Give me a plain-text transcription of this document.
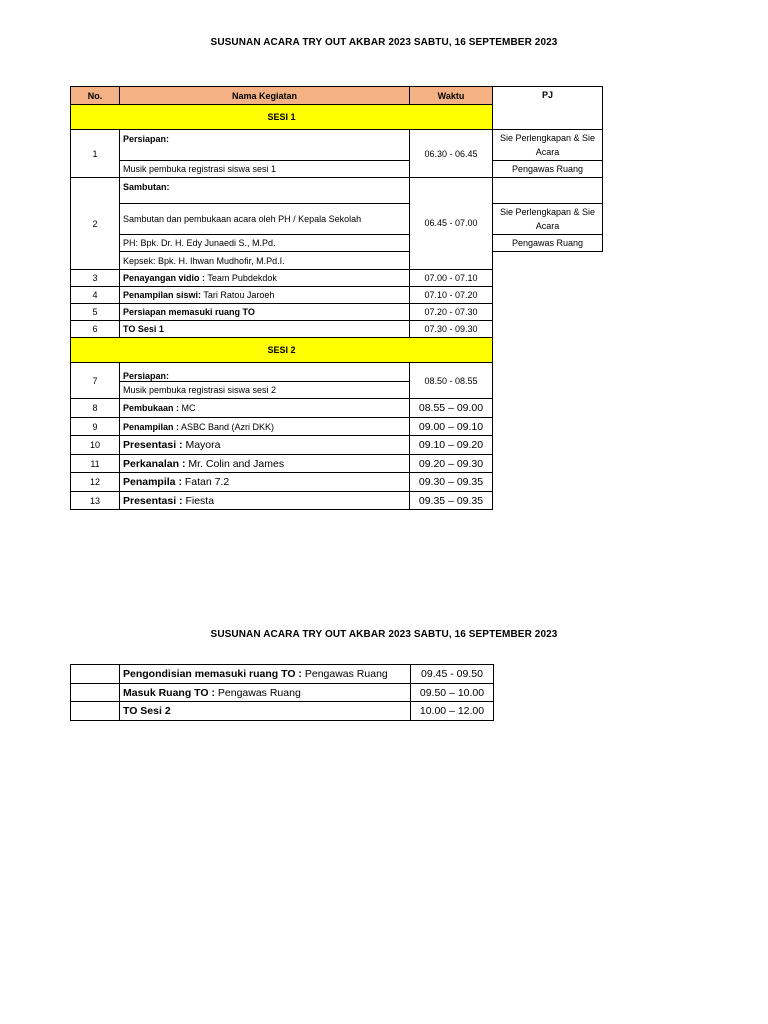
SUSUNAN ACARA TRY OUT AKBAR 2023 SABTU, 16 SEPTEMBER 2023
No.	Nama Kegiatan	Waktu	PJ
SESI 1			
1	Persiapan:	06.30 - 06.45	Sie Perlengkapan & Sie Acara
	Musik pembuka registrasi siswa sesi 1		Pengawas Ruang
2	Sambutan:	06.45 - 07.00	
	Sambutan dan pembukaan acara oleh PH / Kepala Sekolah		Sie Perlengkapan & Sie Acara
	PH: Bpk. Dr. H. Edy Junaedi S., M.Pd.		Pengawas Ruang
	Kepsek: Bpk. H. Ihwan Mudhofir, M.Pd.I.		
3	Penayangan vidio : Team Pubdekdok	07.00 - 07.10	
4	Penampilan siswi: Tari Ratou Jaroeh	07.10 - 07.20	
5	Persiapan memasuki ruang TO	07.20 - 07.30	
6	TO Sesi 1	07.30 - 09.30	
SESI 2			
7	Persiapan:	08.50 - 08.55	
	Musik pembuka registrasi siswa sesi 2		
8	Pembukaan : MC	08.55 – 09.00	
9	Penampilan : ASBC Band (Azri DKK)	09.00 – 09.10	
10	Presentasi : Mayora	09.10 – 09.20	
11	Perkanalan : Mr. Colin and James	09.20 – 09.30	
12	Penampila : Fatan 7.2	09.30 – 09.35	
13	Presentasi : Fiesta	09.35 – 09.35	
SUSUNAN ACARA TRY OUT AKBAR 2023 SABTU, 16 SEPTEMBER 2023
	Pengondisian memasuki ruang TO : Pengawas Ruang	09.45 - 09.50
	Masuk Ruang TO : Pengawas Ruang	09.50 – 10.00
	TO Sesi 2	10.00 – 12.00
